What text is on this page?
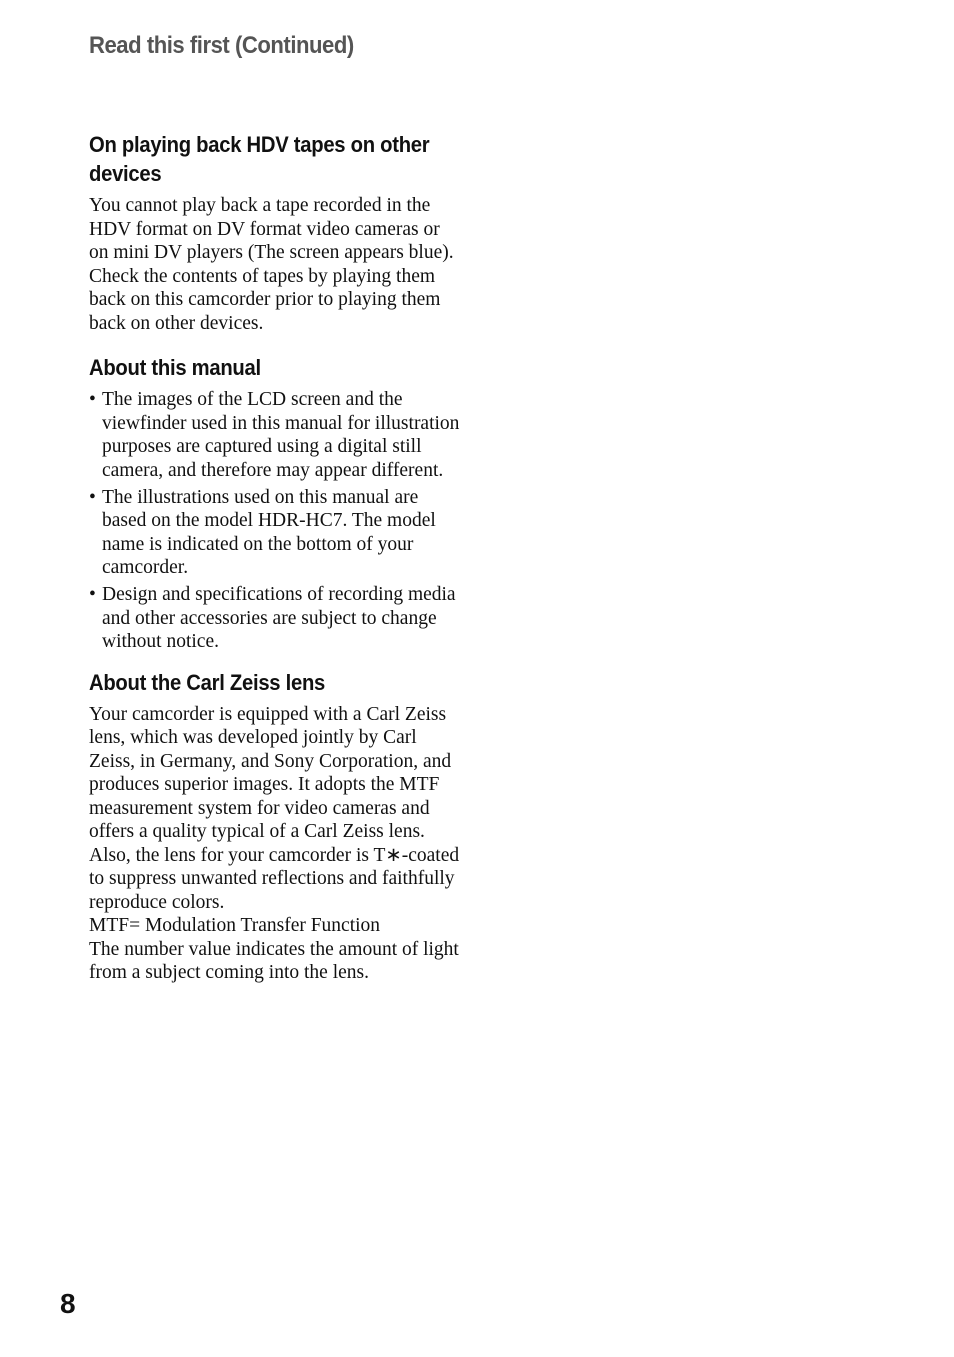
Read this first (Continued)
On playing back HDV tapes on other devices

You cannot play back a tape recorded in the HDV format on DV format video cameras or on mini DV players (The screen appears blue).

Check the contents of tapes by playing them back on this camcorder prior to playing them back on other devices.

About this manual
• The images of the LCD screen and the viewfinder used in this manual for illustration purposes are captured using a digital still camera, and therefore may appear different.
• The illustrations used on this manual are based on the model HDR-HC7. The model name is indicated on the bottom of your camcorder.
• Design and specifications of recording media and other accessories are subject to change without notice.
About the Carl Zeiss lens

Your camcorder is equipped with a Carl Zeiss lens, which was developed jointly by Carl Zeiss, in Germany, and Sony Corporation, and produces superior images. It adopts the MTF measurement system for video cameras and offers a quality typical of a Carl Zeiss lens. Also, the lens for your camcorder is T∗-coated to suppress unwanted reflections and faithfully reproduce colors.

MTF= Modulation Transfer Function

The number value indicates the amount of light from a subject coming into the lens.

8
